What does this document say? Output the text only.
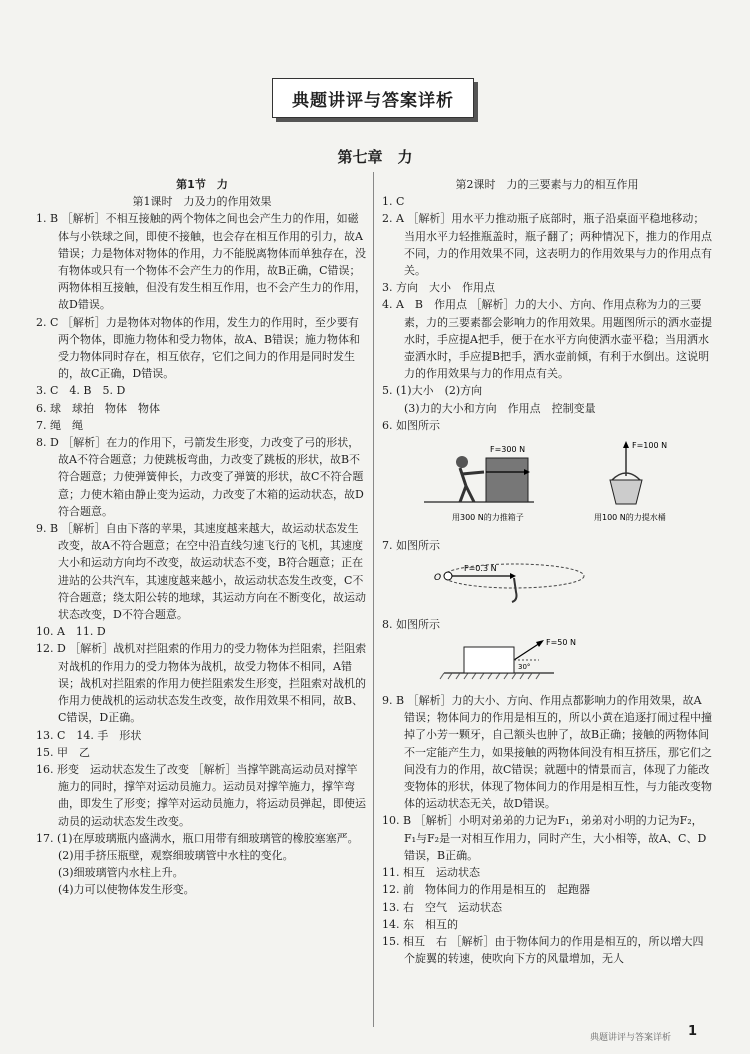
典题讲评与答案详析
第七章　力
第1节　力
第1课时　力及力的作用效果
1. B ［解析］不相互接触的两个物体之间也会产生力的作用，如磁体与小铁球之间，即使不接触，也会存在相互作用的引力，故A错误；力是物体对物体的作用，力不能脱离物体而单独存在，没有物体或只有一个物体不会产生力的作用，故B正确，C错误；两物体相互接触，但没有发生相互作用，也不会产生力的作用，故D错误。
2. C ［解析］力是物体对物体的作用，发生力的作用时，至少要有两个物体，即施力物体和受力物体，故A、B错误；施力物体和受力物体同时存在，相互依存，它们之间力的作用是同时发生的，故C正确，D错误。
3. C　4. B　5. D
6. 球　球拍　物体　物体
7. 绳　绳
8. D ［解析］在力的作用下，弓箭发生形变，力改变了弓的形状，故A不符合题意；力使跳板弯曲，力改变了跳板的形状，故B不符合题意；力使弹簧伸长，力改变了弹簧的形状，故C不符合题意；力使木箱由静止变为运动，力改变了木箱的运动状态，故D符合题意。
9. B ［解析］自由下落的苹果，其速度越来越大，故运动状态发生改变，故A不符合题意；在空中沿直线匀速飞行的飞机，其速度大小和运动方向均不改变，故运动状态不变，B符合题意；正在进站的公共汽车，其速度越来越小，故运动状态发生改变，C不符合题意；绕太阳公转的地球，其运动方向在不断变化，故运动状态改变，D不符合题意。
10. A　11. D
12. D ［解析］战机对拦阻索的作用力的受力物体为拦阻索，拦阻索对战机的作用力的受力物体为战机，故受力物体不相同，A错误；战机对拦阻索的作用力使拦阻索发生形变，拦阻索对战机的作用力使战机的运动状态发生改变，故作用效果不相同，故B、C错误，D正确。
13. C　14. 手　形状
15. 甲　乙
16. 形变　运动状态发生了改变 ［解析］当撑竿跳高运动员对撑竿施力的同时，撑竿对运动员施力。运动员对撑竿施力，撑竿弯曲，即发生了形变；撑竿对运动员施力，将运动员弹起，即使运动员的运动状态发生改变。
17. (1)在厚玻璃瓶内盛满水，瓶口用带有细玻璃管的橡胶塞塞严。
(2)用手挤压瓶壁，观察细玻璃管中水柱的变化。
(3)细玻璃管内水柱上升。
(4)力可以使物体发生形变。
第2课时　力的三要素与力的相互作用
1. C
2. A ［解析］用水平力推动瓶子底部时，瓶子沿桌面平稳地移动；当用水平力轻推瓶盖时，瓶子翻了；两种情况下，推力的作用点不同，力的作用效果不同，这表明力的作用效果与力的作用点有关。
3. 方向　大小　作用点
4. A　B　作用点 ［解析］力的大小、方向、作用点称为力的三要素，力的三要素都会影响力的作用效果。用题图所示的洒水壶提水时，手应提A把手，便于在水平方向使洒水壶平稳；当用洒水壶洒水时，手应提B把手，洒水壶前倾，有利于水倒出。这说明力的作用效果与力的作用点有关。
5. (1)大小　(2)方向
(3)力的大小和方向　作用点　控制变量
6. 如图所示
F=300 N
用300 N的力推箱子
F=100 N
用100 N的力提水桶
7. 如图所示
O
F=0.3 N
8. 如图所示
F=50 N
30°
9. B ［解析］力的大小、方向、作用点都影响力的作用效果，故A错误；物体间力的作用是相互的，所以小黄在追逐打闹过程中撞掉了小芳一颗牙，自己额头也肿了，故B正确；接触的两物体间不一定能产生力，如果接触的两物体间没有相互挤压，那它们之间没有力的作用，故C错误；就题中的情景而言，体现了力能改变物体的形状，体现了物体间力的作用是相互性，与力能改变物体的运动状态无关，故D错误。
10. B ［解析］小明对弟弟的力记为F₁，弟弟对小明的力记为F₂，F₁与F₂是一对相互作用力，同时产生，大小相等，故A、C、D错误，B正确。
11. 相互　运动状态
12. 前　物体间力的作用是相互的　起跑器
13. 右　空气　运动状态
14. 东　相互的
15. 相互　右 ［解析］由于物体间力的作用是相互的，所以增大四个旋翼的转速，使吹向下方的风量增加，无人
典题讲评与答案详析 1
